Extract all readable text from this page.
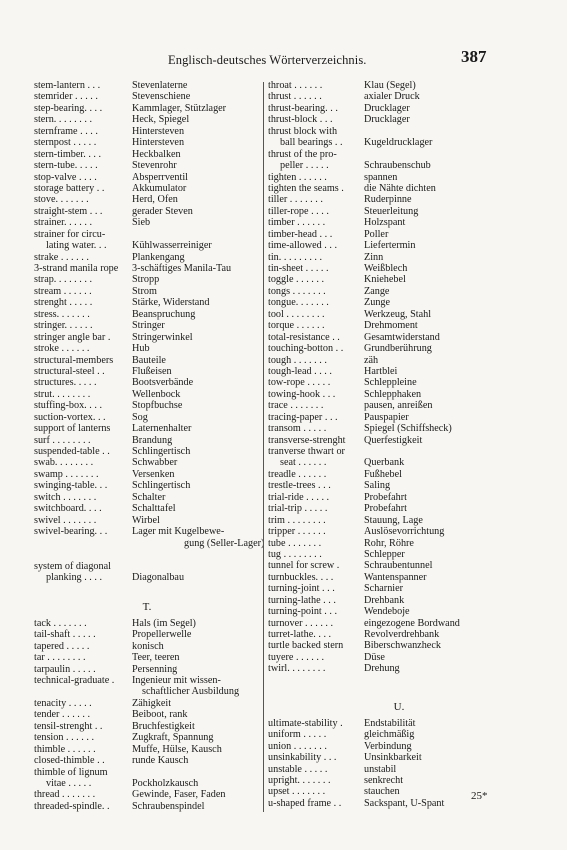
Englisch-deutsches Wörterverzeichnis.	387
stem-lantern . . .	Stevenlaterne
stemrider . . . . .	Stevenschiene
step-bearing. . . .	Kammlager, Stützlager
stern. . . . . . . .	Heck, Spiegel
sternframe . . . .	Hintersteven
sternpost . . . . .	Hintersteven
stern-timber. . . .	Heckbalken
stern-tube. . . . .	Stevenrohr
stop-valve . . . .	Absperrventil
storage battery . .	Akkumulator
stove. . . . . . .	Herd, Ofen
straight-stem . . .	gerader Steven
strainer. . . . . .	Sieb
strainer for circu-
lating water. . . Kühlwasserreiniger
strake . . . . . .	Plankengang
3-strand manila rope 3-schäftiges Manila-Tau
strap. . . . . . . .	Stropp
stream . . . . . .	Strom
strenght . . . . .	Stärke, Widerstand
stress. . . . . . .	Beanspruchung
stringer. . . . . .	Stringer
stringer angle bar . Stringerwinkel
stroke . . . . . .	Hub
structural-members Bauteile
structural-steel . .	Flußeisen
structures. . . . .	Bootsverbände
strut. . . . . . . .	Wellenbock
stuffing-box. . . .	Stopfbuchse
suction-vortex. . .	Sog
support of lanterns Laternenhalter
surf . . . . . . . .	Brandung
suspended-table . . Schlingertisch
swab. . . . . . . .	Schwabber
swamp . . . . . . .	Versenken
swinging-table. . . Schlingertisch
switch . . . . . . .	Schalter
switchboard. . . .	Schalttafel
swivel . . . . . . .	Wirbel
swivel-bearing. . . Lager mit Kugelbewe-
gung (Seller-Lager)
system of diagonal
planking . . . .	Diagonalbau
T.
tack . . . . . . .	Hals (im Segel)
tail-shaft . . . . .	Propellerwelle
tapered . . . . .	konisch
tar . . . . . . . .	Teer, teeren
tarpaulin . . . . .	Persenning
technical-graduate . Ingenieur mit wissen-
schaftlicher Ausbildung
tenacity . . . . .	Zähigkeit
tender . . . . . .	Beiboot, rank
tensil-strenght . .	Bruchfestigkeit
tension . . . . . .	Zugkraft, Spannung
thimble . . . . . .	Muffe, Hülse, Kausch
closed-thimble . .	runde Kausch
thimble of lignum
vitae . . . . .	Pockholzkausch
thread . . . . . . .	Gewinde, Faser, Faden
threaded-spindle. . Schraubenspindel
throat . . . . . .	Klau (Segel)
thrust . . . . . .	axialer Druck
thrust-bearing. . .	Drucklager
thrust-block . . .	Drucklager
thrust block with
ball bearings . . Kugeldrucklager
thrust of the pro-
peller . . . . .	Schraubenschub
tighten . . . . . .	spannen
tighten the seams . die Nähte dichten
tiller . . . . . . .	Ruderpinne
tiller-rope . . . .	Steuerleitung
timber . . . . . .	Holzspant
timber-head . . .	Poller
time-allowed . . .	Liefertermin
tin. . . . . . . . .	Zinn
tin-sheet . . . . .	Weißblech
toggle . . . . . .	Kniehebel
tongs . . . . . . .	Zange
tongue. . . . . . .	Zunge
tool . . . . . . . .	Werkzeug, Stahl
torque . . . . . .	Drehmoment
total-resistance . . Gesamtwiderstand
touching-botton . . Grundberührung
tough . . . . . . .	zäh
tough-lead . . . .	Hartblei
tow-rope . . . . .	Schleppleine
towing-hook . . .	Schlepphaken
trace . . . . . . .	pausen, anreißen
tracing-paper . . .	Pauspapier
transom . . . . .	Spiegel (Schiffsheck)
transverse-strenght Querfestigkeit
tranverse thwart or
seat . . . . . .	Querbank
treadle . . . . . .	Fußhebel
trestle-trees . . .	Saling
trial-ride . . . . .	Probefahrt
trial-trip . . . . .	Probefahrt
trim . . . . . . . .	Stauung, Lage
tripper . . . . . .	Auslösevorrichtung
tube . . . . . . .	Rohr, Röhre
tug . . . . . . . .	Schlepper
tunnel for screw . Schraubentunnel
turnbuckles. . . .	Wantenspanner
turning-joint . . .	Scharnier
turning-lathe . . .	Drehbank
turning-point . . .	Wendeboje
turnover . . . . . .	eingezogene Bordwand
turret-lathe. . . .	Revolverdrehbank
turtle backed stern Biberschwanzheck
tuyere . . . . . .	Düse
twirl. . . . . . . .	Drehung
U.
ultimate-stability . Endstabilität
uniform . . . . .	gleichmäßig
union . . . . . . .	Verbindung
unsinkability . . .	Unsinkbarkeit
unstable . . . . .	unstabil
upright. . . . . . .	senkrecht
upset . . . . . . .	stauchen
u-shaped frame . . Sackspant, U-Spant
25*
